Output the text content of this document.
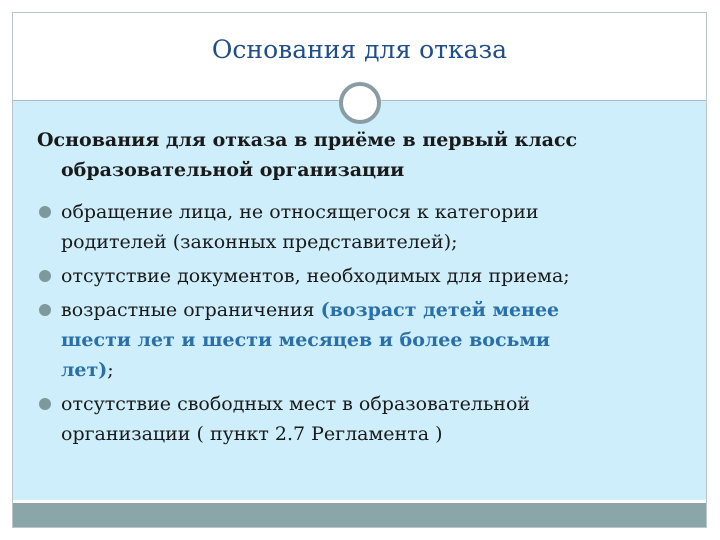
Основания для отказа
Основания для отказа в приёме в первый класс
образовательной организации
обращение лица, не относящегося к категории
родителей (законных представителей);
отсутствие документов, необходимых для приема;
возрастные ограничения (возраст детей менее
шести лет и шести месяцев и более восьми
лет);
отсутствие свободных мест в образовательной
организации ( пункт 2.7 Регламента )
